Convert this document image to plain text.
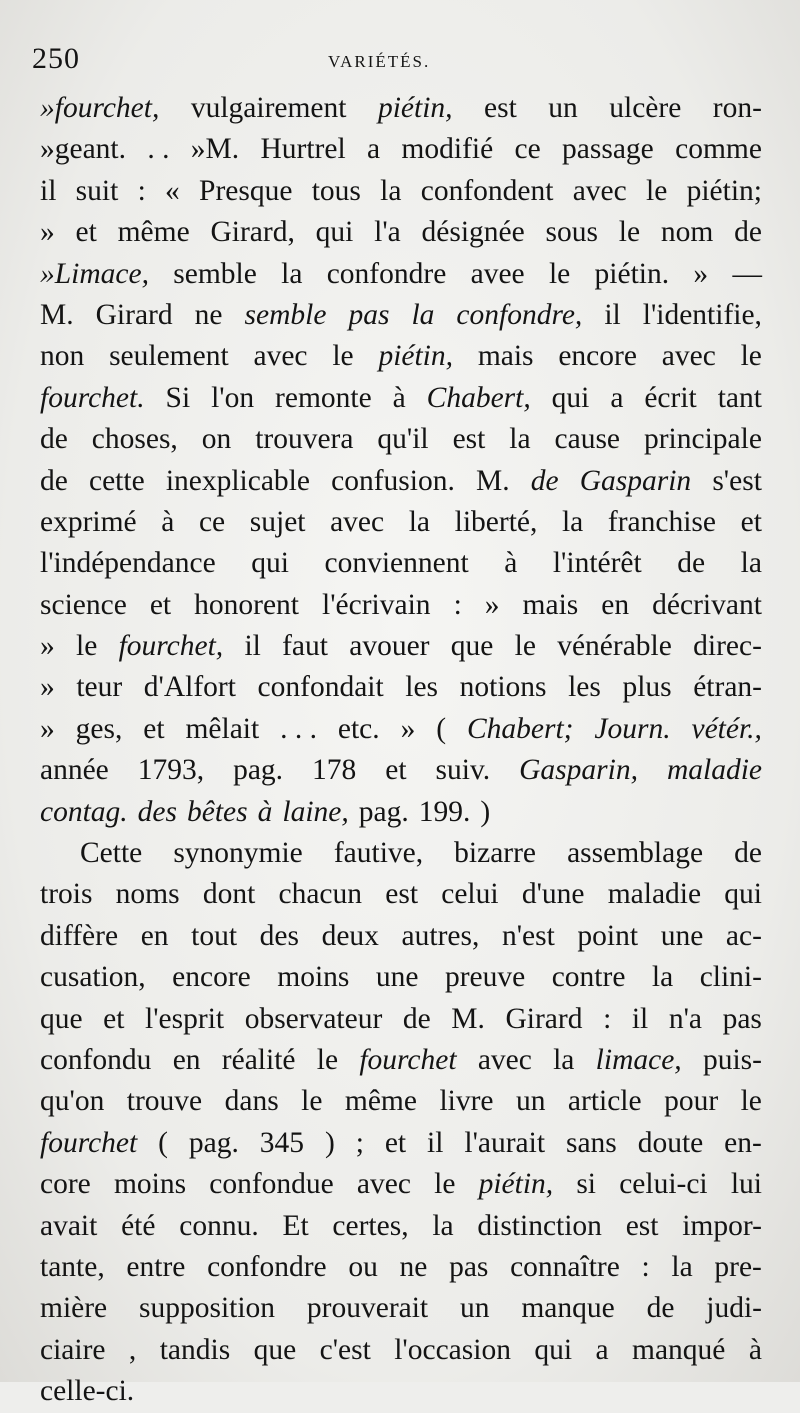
250	VARIÉTÉS.
»fourchet, vulgairement piétin, est un ulcère ron-
»geant. . . »M. Hurtrel a modifié ce passage comme
il suit : « Presque tous la confondent avec le piétin;
» et même Girard, qui l'a désignée sous le nom de
»Limace, semble la confondre avee le piétin. » —
M. Girard ne semble pas la confondre, il l'identifie,
non seulement avec le piétin, mais encore avec le
fourchet. Si l'on remonte à Chabert, qui a écrit tant
de choses, on trouvera qu'il est la cause principale
de cette inexplicable confusion. M. de Gasparin s'est
exprimé à ce sujet avec la liberté, la franchise et
l'indépendance qui conviennent à l'intérêt de la
science et honorent l'écrivain : » mais en décrivant
» le fourchet, il faut avouer que le vénérable direc-
» teur d'Alfort confondait les notions les plus étran-
» ges, et mêlait . . . etc. » ( Chabert; Journ. vétér.,
année 1793, pag. 178 et suiv. Gasparin, maladie
contag. des bêtes à laine, pag. 199. )
Cette synonymie fautive, bizarre assemblage de
trois noms dont chacun est celui d'une maladie qui
diffère en tout des deux autres, n'est point une ac-
cusation, encore moins une preuve contre la clini-
que et l'esprit observateur de M. Girard : il n'a pas
confondu en réalité le fourchet avec la limace, puis-
qu'on trouve dans le même livre un article pour le
fourchet ( pag. 345 ) ; et il l'aurait sans doute en-
core moins confondue avec le piétin, si celui-ci lui
avait été connu. Et certes, la distinction est impor-
tante, entre confondre ou ne pas connaître : la pre-
mière supposition prouverait un manque de judi-
ciaire , tandis que c'est l'occasion qui a manqué à
celle-ci.
